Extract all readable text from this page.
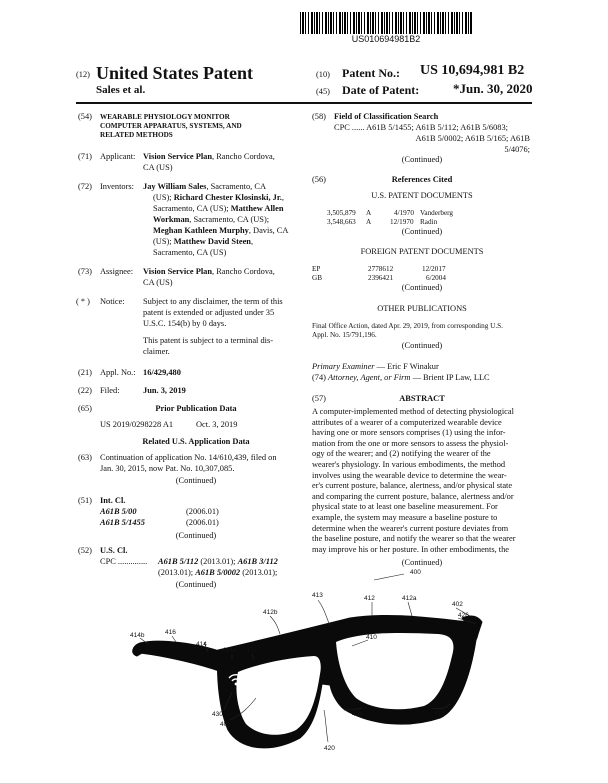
US010694981B2
(12) United States Patent
Sales et al.
(10) Patent No.: US 10,694,981 B2
(45) Date of Patent:	*Jun. 30, 2020
(54) WEARABLE PHYSIOLOGY MONITOR
COMPUTER APPARATUS, SYSTEMS, AND
RELATED METHODS
(71) Applicant: Vision Service Plan, Rancho Cordova,
CA (US)
(72) Inventors: Jay William Sales, Sacramento, CA
(US); Richard Chester Klosinski, Jr.,
Sacramento, CA (US); Matthew Allen
Workman, Sacramento, CA (US);
Meghan Kathleen Murphy, Davis, CA
(US); Matthew David Steen,
Sacramento, CA (US)
(73) Assignee: Vision Service Plan, Rancho Cordova,
CA (US)
( * ) Notice: Subject to any disclaimer, the term of this
patent is extended or adjusted under 35
U.S.C. 154(b) by 0 days.
This patent is subject to a terminal dis-
claimer.
(21) Appl. No.: 16/429,480
(22) Filed:	Jun. 3, 2019
(65)	Prior Publication Data
US 2019/0298228 A1	Oct. 3, 2019
Related U.S. Application Data
(63) Continuation of application No. 14/610,439, filed on
Jan. 30, 2015, now Pat. No. 10,307,085.
(Continued)
(51) Int. Cl.
A61B 5/00	(2006.01)
A61B 5/1455	(2006.01)
(Continued)
(52) U.S. Cl.
CPC .............. A61B 5/112 (2013.01); A61B 3/112
(2013.01); A61B 5/0002 (2013.01);
(Continued)
(58) Field of Classification Search
CPC ...... A61B 5/1455; A61B 5/112; A61B 5/6083;
A61B 5/0002; A61B 5/165; A61B
5/4076;
(Continued)
(56)	References Cited
U.S. PATENT DOCUMENTS
3,505,879 A	4/1970 Vanderberg
3,548,663 A	12/1970 Radin
(Continued)
FOREIGN PATENT DOCUMENTS
EP	2778612	12/2017
GB	2396421	6/2004
(Continued)
OTHER PUBLICATIONS
Final Office Action, dated Apr. 29, 2019, from corresponding U.S.
Appl. No. 15/791,196.
(Continued)
Primary Examiner — Eric F Winakur
(74) Attorney, Agent, or Firm — Brient IP Law, LLC
(57)	ABSTRACT
A computer-implemented method of detecting physiological
attributes of a wearer of a computerized wearable device
having one or more sensors comprises (1) using the infor-
mation from the one or more sensors to assess the physiol-
ogy of the wearer; and (2) notifying the wearer of the
wearer's physiology. In various embodiments, the method
involves using the wearable device to determine the wear-
er's current posture, balance, alertness, and/or physical state
and comparing the current posture, balance, alertness and/or
physical state to at least one baseline measurement. For
example, the system may measure a baseline posture to
determine when the wearer's current posture deviates from
the baseline posture, and notify the wearer so that the wearer
may improve his or her posture. In other embodiments, the
(Continued)
400
413	412	412a
402
426
412b
410
414b	416
414
414a 428
430
404
424	418
420
